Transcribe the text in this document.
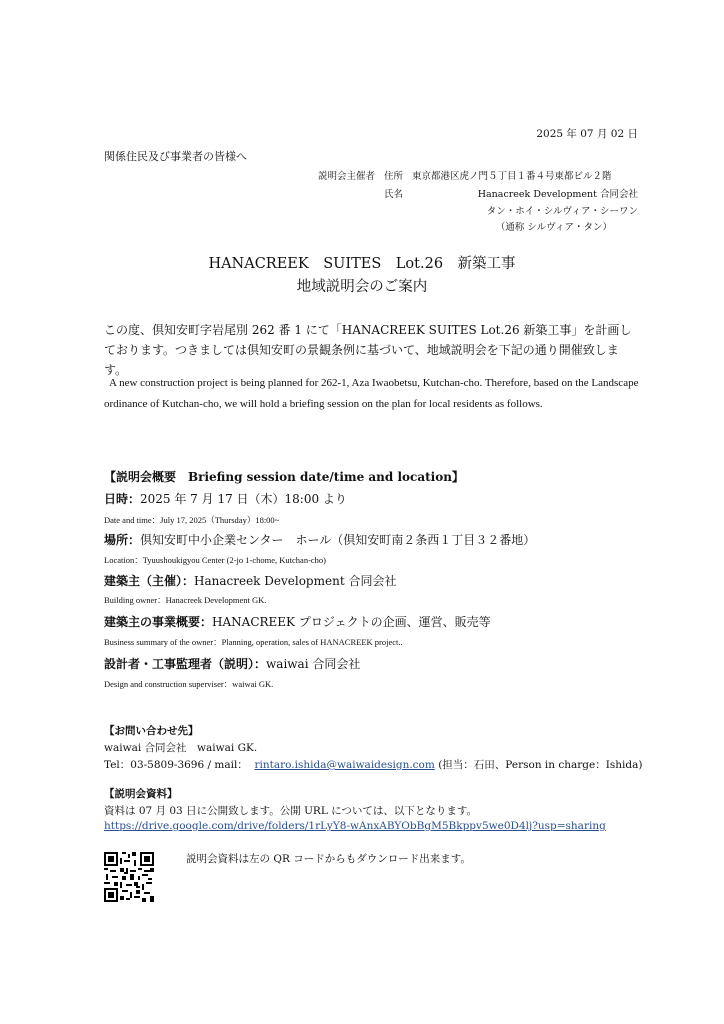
2025 年 07 月 02 日
関係住民及び事業者の皆様へ
説明会主催者 住所 東京都港区虎ノ門５丁目１番４号東都ビル２階
氏名	Hanacreek Development 合同会社
タン・ホイ・シルヴィア・シーワン
（通称 シルヴィア・タン）
HANACREEK　SUITES　Lot.26　新築工事
地域説明会のご案内
この度、倶知安町字岩尾別 262 番 1 にて「HANACREEK SUITES Lot.26 新築工事」を計画しております。つきましては倶知安町の景観条例に基づいて、地域説明会を下記の通り開催致します。
A new construction project is being planned for 262-1, Aza Iwaobetsu, Kutchan-cho. Therefore, based on the Landscape ordinance of Kutchan-cho, we will hold a briefing session on the plan for local residents as follows.
【説明会概要　Briefing session date/time and location】
日時：2025 年 7 月 17 日（木）18:00 より
Date and time：July 17, 2025（Thursday）18:00~
場所：倶知安町中小企業センター　ホール（倶知安町南２条西１丁目３２番地）
Location：Tyuushoukigyou Center (2-jo 1-chome, Kutchan-cho)
建築主（主催）：Hanacreek Development 合同会社
Building owner：Hanacreek Development GK.
建築主の事業概要：HANACREEK プロジェクトの企画、運営、販売等
Business summary of the owner：Planning, operation, sales of HANACREEK project..
設計者・工事監理者（説明）：waiwai 合同会社
Design and construction superviser：waiwai GK.
【お問い合わせ先】
waiwai 合同会社　waiwai GK.
Tel：03-5809-3696 / mail： rintaro.ishida@waiwaidesign.com (担当：石田、Person in charge：Ishida)
【説明会資料】
資料は 07 月 03 日に公開致します。公開 URL については、以下となります。
https://drive.google.com/drive/folders/1rLyY8-wAnxABYObBgM5Bkppv5we0D4lj?usp=sharing
説明会資料は左の QR コードからもダウンロード出来ます。
